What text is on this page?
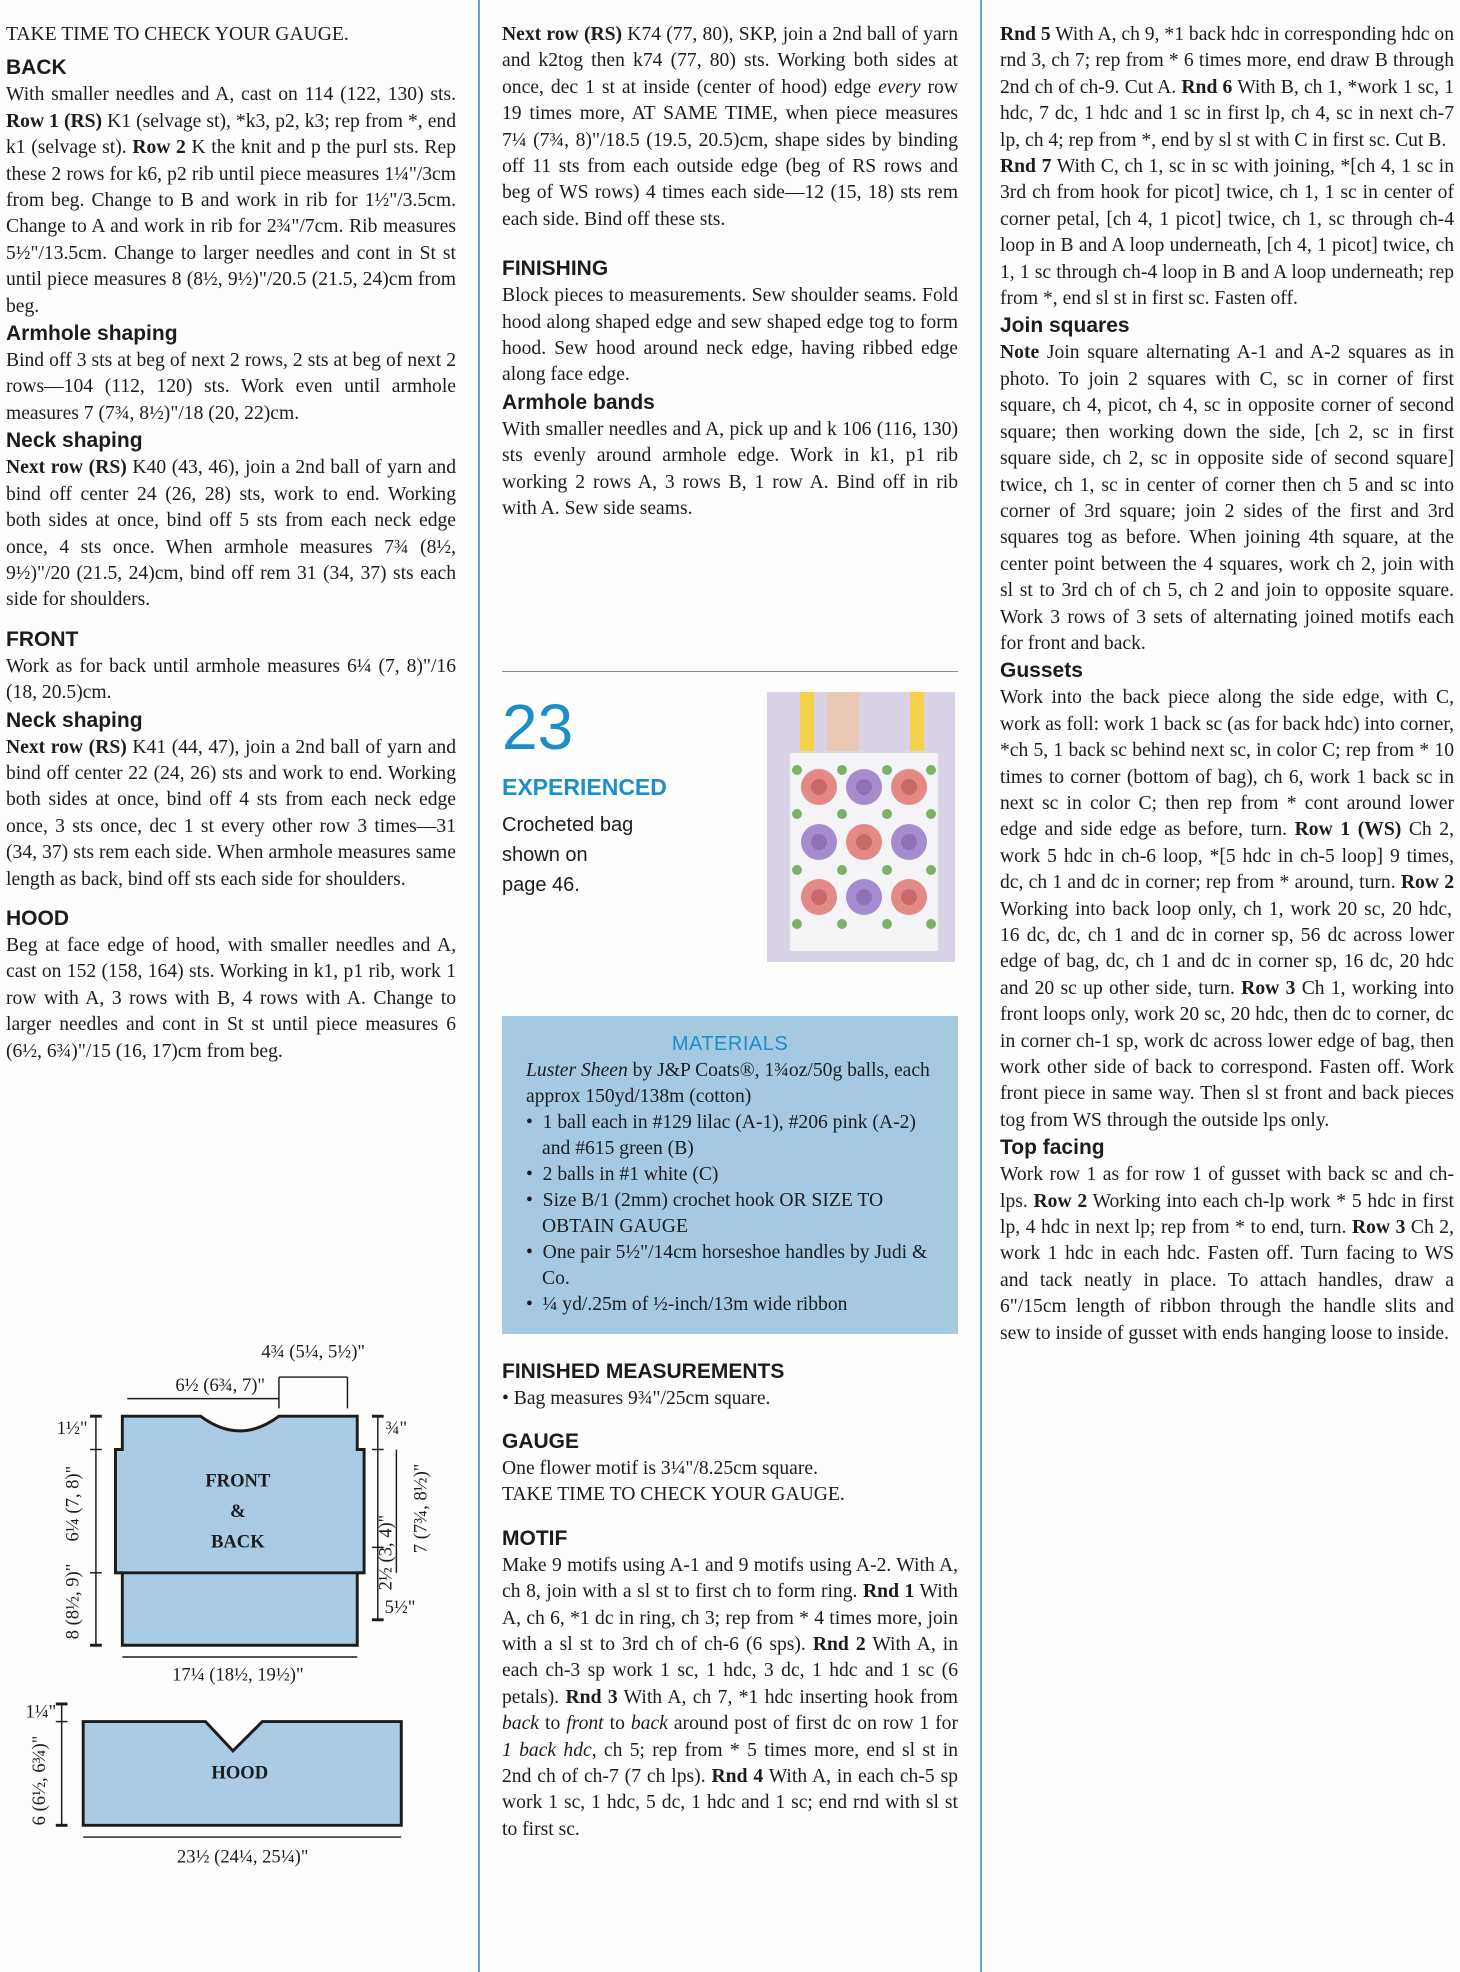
TAKE TIME TO CHECK YOUR GAUGE.

BACK

With smaller needles and A, cast on 114 (122, 130) sts. Row 1 (RS) K1 (selvage st), *k3, p2, k3; rep from *, end k1 (selvage st). Row 2 K the knit and p the purl sts. Rep these 2 rows for k6, p2 rib until piece measures 1¼"/3cm from beg. Change to B and work in rib for 1½"/3.5cm. Change to A and work in rib for 2¾"/7cm. Rib measures 5½"/13.5cm. Change to larger needles and cont in St st until piece measures 8 (8½, 9½)"/20.5 (21.5, 24)cm from beg.

Armhole shaping

Bind off 3 sts at beg of next 2 rows, 2 sts at beg of next 2 rows—104 (112, 120) sts. Work even until armhole measures 7 (7¾, 8½)"/18 (20, 22)cm.

Neck shaping

Next row (RS) K40 (43, 46), join a 2nd ball of yarn and bind off center 24 (26, 28) sts, work to end. Working both sides at once, bind off 5 sts from each neck edge once, 4 sts once. When armhole measures 7¾ (8½, 9½)"/20 (21.5, 24)cm, bind off rem 31 (34, 37) sts each side for shoulders.

FRONT

Work as for back until armhole measures 6¼ (7, 8)"/16 (18, 20.5)cm.

Neck shaping

Next row (RS) K41 (44, 47), join a 2nd ball of yarn and bind off center 22 (24, 26) sts and work to end. Working both sides at once, bind off 4 sts from each neck edge once, 3 sts once, dec 1 st every other row 3 times—31 (34, 37) sts rem each side. When armhole measures same length as back, bind off sts each side for shoulders.

HOOD

Beg at face edge of hood, with smaller needles and A, cast on 152 (158, 164) sts. Working in k1, p1 rib, work 1 row with A, 3 rows with B, 4 rows with A. Change to larger needles and cont in St st until piece measures 6 (6½, 6¾)"/15 (16, 17)cm from beg.

FRONT
&
BACK
4¾ (5¼, 5½)"
6½ (6¾, 7)"
1½"
6¼ (7, 8)"
8 (8½, 9)"
¾"
7 (7¾, 8½)"
2½ (3, 4)"
5½"
17¼ (18½, 19½)"
HOOD
1¼"
6 (6½, 6¾)"
23½ (24¼, 25¼)"

Next row (RS) K74 (77, 80), SKP, join a 2nd ball of yarn and k2tog then k74 (77, 80) sts. Working both sides at once, dec 1 st at inside (center of hood) edge every row 19 times more, AT SAME TIME, when piece measures 7¼ (7¾, 8)"/18.5 (19.5, 20.5)cm, shape sides by binding off 11 sts from each outside edge (beg of RS rows and beg of WS rows) 4 times each side—12 (15, 18) sts rem each side. Bind off these sts.

FINISHING

Block pieces to measurements. Sew shoulder seams. Fold hood along shaped edge and sew shaped edge tog to form hood. Sew hood around neck edge, having ribbed edge along face edge.

Armhole bands

With smaller needles and A, pick up and k 106 (116, 130) sts evenly around armhole edge. Work in k1, p1 rib working 2 rows A, 3 rows B, 1 row A. Bind off in rib with A. Sew side seams.

23
EXPERIENCED

Crocheted bag

shown on

page 46.

MATERIALS
Luster Sheen by J&P Coats®, 1¾oz/50g balls, each approx 150yd/138m (cotton)
•  1 ball each in #129 lilac (A-1), #206 pink (A-2) and #615 green (B)
•  2 balls in #1 white (C)
•  Size B/1 (2mm) crochet hook OR SIZE TO OBTAIN GAUGE
•  One pair 5½"/14cm horseshoe handles by Judi & Co.
•  ¼ yd/.25m of ½-inch/13m wide ribbon
FINISHED MEASUREMENTS

• Bag measures 9¾"/25cm square.

GAUGE

One flower motif is 3¼"/8.25cm square.

TAKE TIME TO CHECK YOUR GAUGE.

MOTIF

Make 9 motifs using A-1 and 9 motifs using A-2. With A, ch 8, join with a sl st to first ch to form ring. Rnd 1 With A, ch 6, *1 dc in ring, ch 3; rep from * 4 times more, join with a sl st to 3rd ch of ch-6 (6 sps). Rnd 2 With A, in each ch-3 sp work 1 sc, 1 hdc, 3 dc, 1 hdc and 1 sc (6 petals). Rnd 3 With A, ch 7, *1 hdc inserting hook from back to front to back around post of first dc on row 1 for 1 back hdc, ch 5; rep from * 5 times more, end sl st in 2nd ch of ch-7 (7 ch lps). Rnd 4 With A, in each ch-5 sp work 1 sc, 1 hdc, 5 dc, 1 hdc and 1 sc; end rnd with sl st to first sc.

Rnd 5 With A, ch 9, *1 back hdc in corresponding hdc on rnd 3, ch 7; rep from * 6 times more, end draw B through 2nd ch of ch-9. Cut A. Rnd 6 With B, ch 1, *work 1 sc, 1 hdc, 7 dc, 1 hdc and 1 sc in first lp, ch 4, sc in next ch-7 lp, ch 4; rep from *, end by sl st with C in first sc. Cut B.

Rnd 7 With C, ch 1, sc in sc with joining, *[ch 4, 1 sc in 3rd ch from hook for picot] twice, ch 1, 1 sc in center of corner petal, [ch 4, 1 picot] twice, ch 1, sc through ch-4 loop in B and A loop underneath, [ch 4, 1 picot] twice, ch 1, 1 sc through ch-4 loop in B and A loop underneath; rep from *, end sl st in first sc. Fasten off.

Join squares

Note Join square alternating A-1 and A-2 squares as in photo. To join 2 squares with C, sc in corner of first square, ch 4, picot, ch 4, sc in opposite corner of second square; then working down the side, [ch 2, sc in first square side, ch 2, sc in opposite side of second square] twice, ch 1, sc in center of corner then ch 5 and sc into corner of 3rd square; join 2 sides of the first and 3rd squares tog as before. When joining 4th square, at the center point between the 4 squares, work ch 2, join with sl st to 3rd ch of ch 5, ch 2 and join to opposite square. Work 3 rows of 3 sets of alternating joined motifs each for front and back.

Gussets

Work into the back piece along the side edge, with C, work as foll: work 1 back sc (as for back hdc) into corner, *ch 5, 1 back sc behind next sc, in color C; rep from * 10 times to corner (bottom of bag), ch 6, work 1 back sc in next sc in color C; then rep from * cont around lower edge and side edge as before, turn. Row 1 (WS) Ch 2, work 5 hdc in ch-6 loop, *[5 hdc in ch-5 loop] 9 times, dc, ch 1 and dc in corner; rep from * around, turn. Row 2 Working into back loop only, ch 1, work 20 sc, 20 hdc, 16 dc, dc, ch 1 and dc in corner sp, 56 dc across lower edge of bag, dc, ch 1 and dc in corner sp, 16 dc, 20 hdc and 20 sc up other side, turn. Row 3 Ch 1, working into front loops only, work 20 sc, 20 hdc, then dc to corner, dc in corner ch-1 sp, work dc across lower edge of bag, then work other side of back to correspond. Fasten off. Work front piece in same way. Then sl st front and back pieces tog from WS through the outside lps only.

Top facing

Work row 1 as for row 1 of gusset with back sc and ch-lps. Row 2 Working into each ch-lp work * 5 hdc in first lp, 4 hdc in next lp; rep from * to end, turn. Row 3 Ch 2, work 1 hdc in each hdc. Fasten off. Turn facing to WS and tack neatly in place. To attach handles, draw a 6"/15cm length of ribbon through the handle slits and sew to inside of gusset with ends hanging loose to inside.
